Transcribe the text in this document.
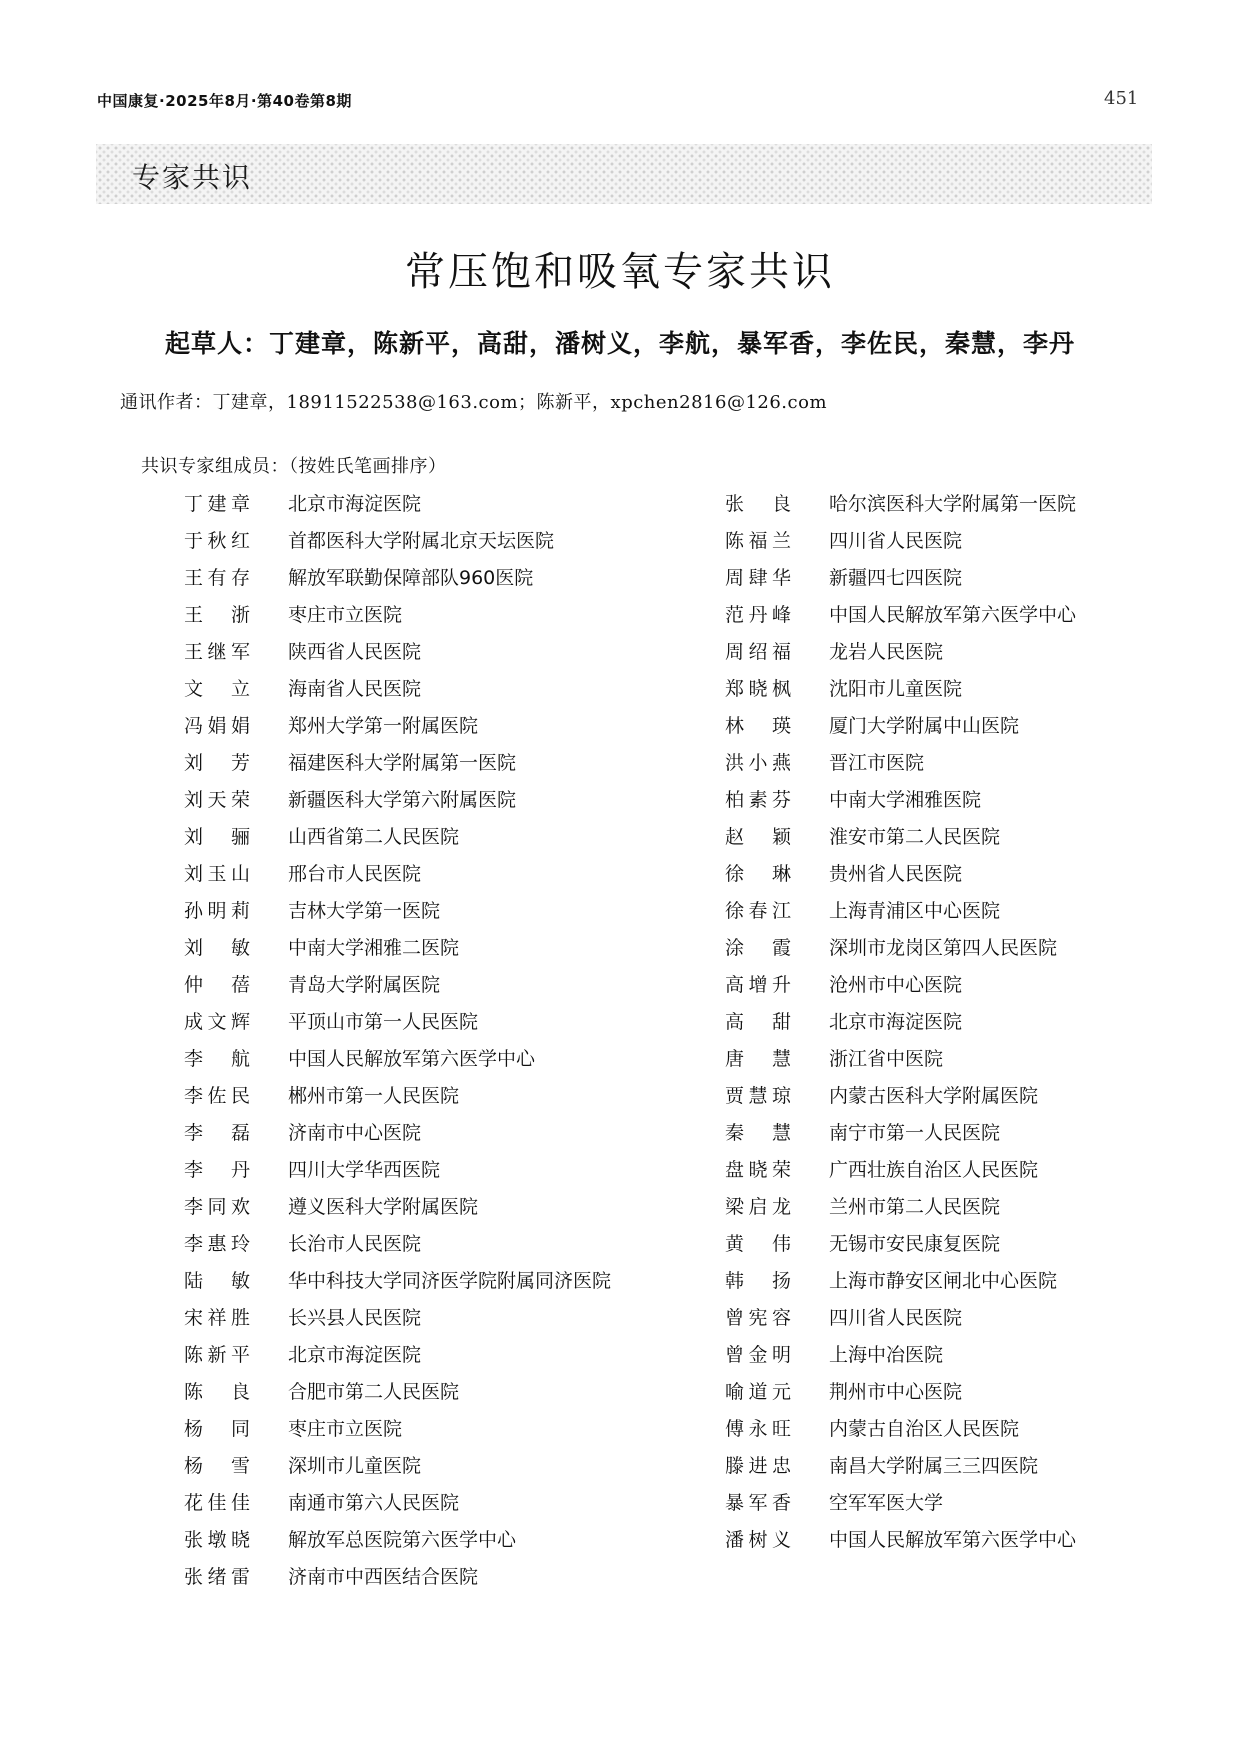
中国康复·2025年8月·第40卷第8期	451
专家共识
常压饱和吸氧专家共识
起草人：丁建章，陈新平，高甜，潘树义，李航，暴军香，李佐民，秦慧，李丹
通讯作者：丁建章，18911522538@163.com；陈新平，xpchen2816@126.com
共识专家组成员：（按姓氏笔画排序）
丁建章 北京市海淀医院
于秋红 首都医科大学附属北京天坛医院
王有存 解放军联勤保障部队960医院
王浙 枣庄市立医院
王继军 陕西省人民医院
文立 海南省人民医院
冯娟娟 郑州大学第一附属医院
刘芳 福建医科大学附属第一医院
刘天荣 新疆医科大学第六附属医院
刘骊 山西省第二人民医院
刘玉山 邢台市人民医院
孙明莉 吉林大学第一医院
刘敏 中南大学湘雅二医院
仲蓓 青岛大学附属医院
成文辉 平顶山市第一人民医院
李航 中国人民解放军第六医学中心
李佐民 郴州市第一人民医院
李磊 济南市中心医院
李丹 四川大学华西医院
李同欢 遵义医科大学附属医院
李惠玲 长治市人民医院
陆敏 华中科技大学同济医学院附属同济医院
宋祥胜 长兴县人民医院
陈新平 北京市海淀医院
陈良 合肥市第二人民医院
杨同 枣庄市立医院
杨雪 深圳市儿童医院
花佳佳 南通市第六人民医院
张墩晓 解放军总医院第六医学中心
张绪雷 济南市中西医结合医院
张良 哈尔滨医科大学附属第一医院
陈福兰 四川省人民医院
周肆华 新疆四七四医院
范丹峰 中国人民解放军第六医学中心
周绍福 龙岩人民医院
郑晓枫 沈阳市儿童医院
林瑛 厦门大学附属中山医院
洪小燕 晋江市医院
柏素芬 中南大学湘雅医院
赵颖 淮安市第二人民医院
徐琳 贵州省人民医院
徐春江 上海青浦区中心医院
涂霞 深圳市龙岗区第四人民医院
高增升 沧州市中心医院
高甜 北京市海淀医院
唐慧 浙江省中医院
贾慧琼 内蒙古医科大学附属医院
秦慧 南宁市第一人民医院
盘晓荣 广西壮族自治区人民医院
梁启龙 兰州市第二人民医院
黄伟 无锡市安民康复医院
韩扬 上海市静安区闸北中心医院
曾宪容 四川省人民医院
曾金明 上海中冶医院
喻道元 荆州市中心医院
傅永旺 内蒙古自治区人民医院
滕进忠 南昌大学附属三三四医院
暴军香 空军军医大学
潘树义 中国人民解放军第六医学中心
